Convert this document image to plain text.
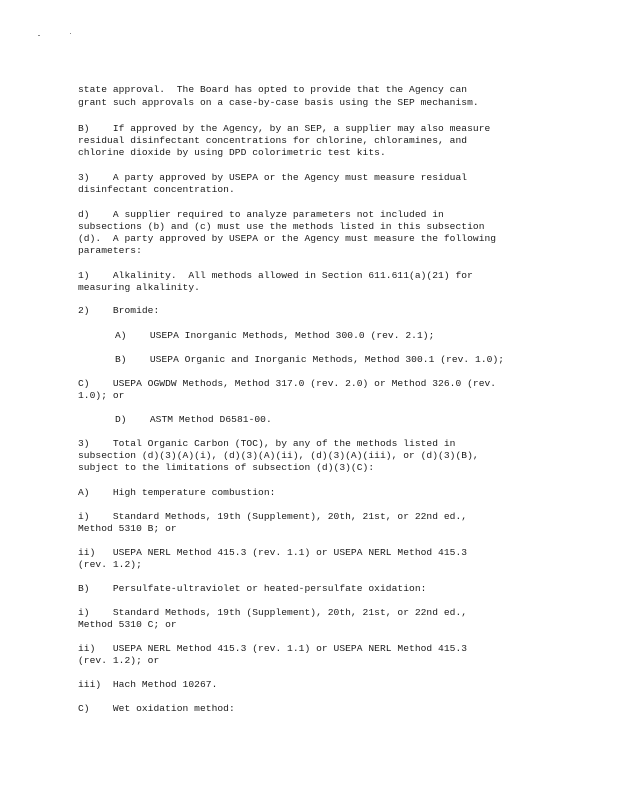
state approval.  The Board has opted to provide that the Agency can
grant such approvals on a case-by-case basis using the SEP mechanism.
B)    If approved by the Agency, by an SEP, a supplier may also measure
residual disinfectant concentrations for chlorine, chloramines, and
chlorine dioxide by using DPD colorimetric test kits.
3)    A party approved by USEPA or the Agency must measure residual
disinfectant concentration.
d)    A supplier required to analyze parameters not included in
subsections (b) and (c) must use the methods listed in this subsection
(d).  A party approved by USEPA or the Agency must measure the following
parameters:
1)    Alkalinity.  All methods allowed in Section 611.611(a)(21) for
measuring alkalinity.
2)    Bromide:
A)    USEPA Inorganic Methods, Method 300.0 (rev. 2.1);
B)    USEPA Organic and Inorganic Methods, Method 300.1 (rev. 1.0);
C)    USEPA OGWDW Methods, Method 317.0 (rev. 2.0) or Method 326.0 (rev.
1.0); or
D)    ASTM Method D6581-00.
3)    Total Organic Carbon (TOC), by any of the methods listed in
subsection (d)(3)(A)(i), (d)(3)(A)(ii), (d)(3)(A)(iii), or (d)(3)(B),
subject to the limitations of subsection (d)(3)(C):
A)    High temperature combustion:
i)    Standard Methods, 19th (Supplement), 20th, 21st, or 22nd ed.,
Method 5310 B; or
ii)   USEPA NERL Method 415.3 (rev. 1.1) or USEPA NERL Method 415.3
(rev. 1.2);
B)    Persulfate-ultraviolet or heated-persulfate oxidation:
i)    Standard Methods, 19th (Supplement), 20th, 21st, or 22nd ed.,
Method 5310 C; or
ii)   USEPA NERL Method 415.3 (rev. 1.1) or USEPA NERL Method 415.3
(rev. 1.2); or
iii)  Hach Method 10267.
C)    Wet oxidation method:
